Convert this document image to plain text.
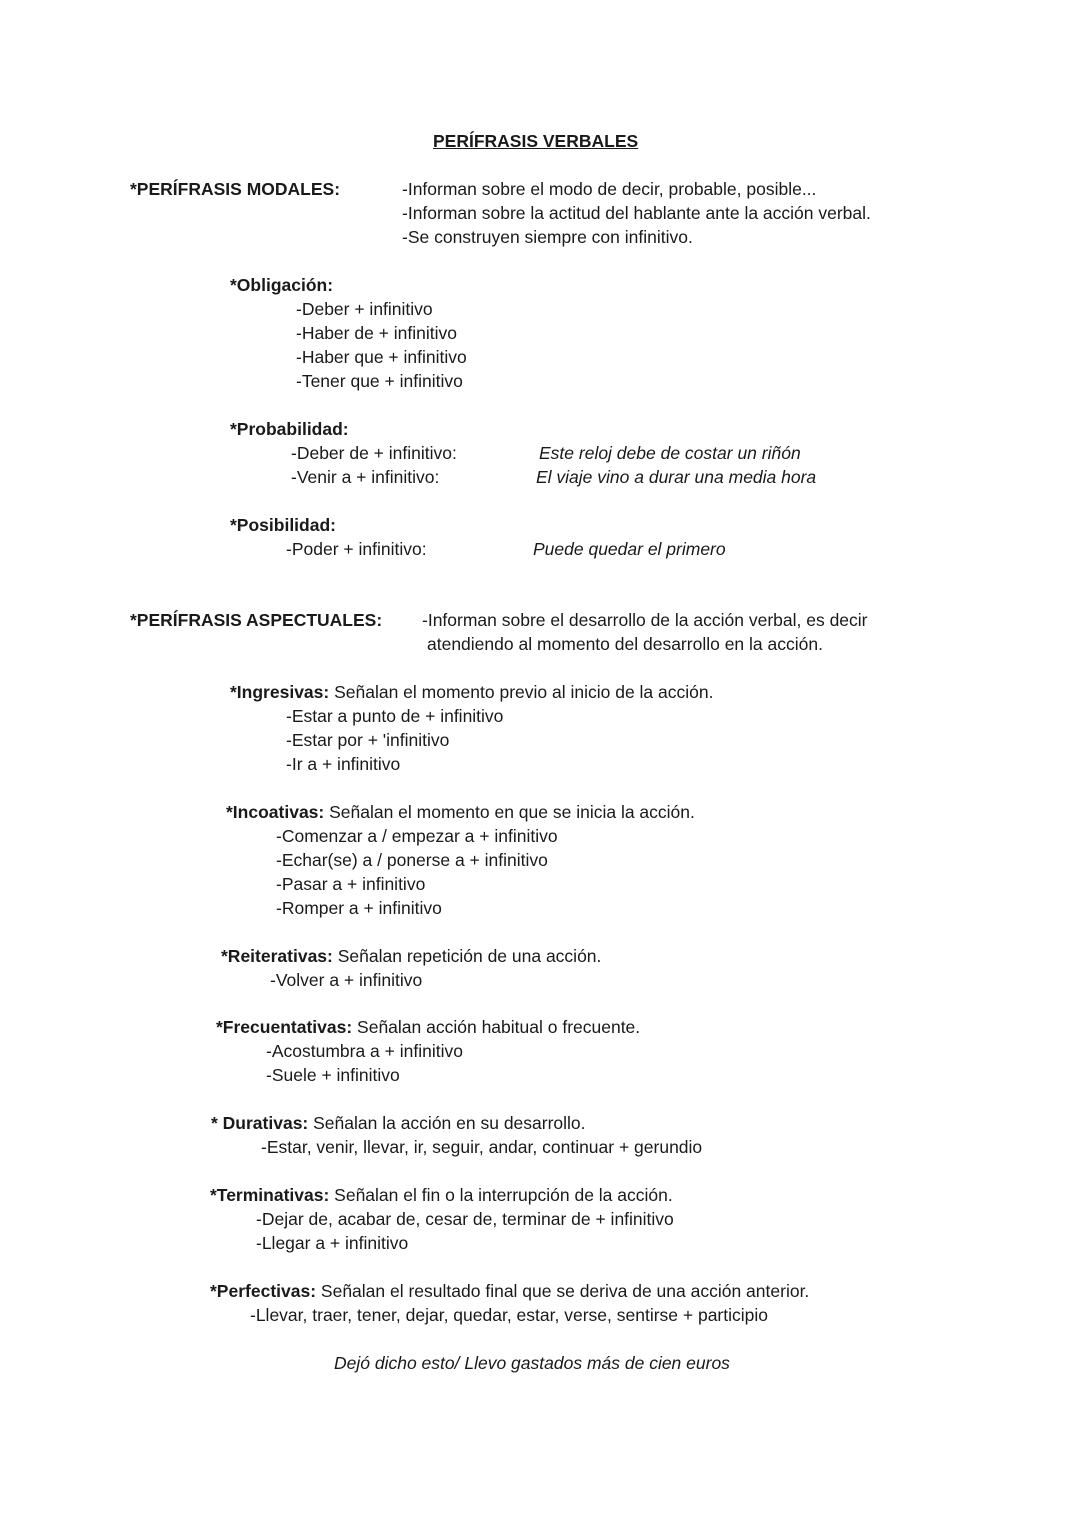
PERÍFRASIS VERBALES
*PERÍFRASIS MODALES:	-Informan sobre el modo de decir, probable, posible...
-Informan sobre la actitud del hablante ante la acción verbal.
-Se construyen siempre con infinitivo.
*Obligación:
-Deber + infinitivo
-Haber de + infinitivo
-Haber que + infinitivo
-Tener que + infinitivo
*Probabilidad:
-Deber de + infinitivo:	Este reloj debe de costar un riñón
-Venir a + infinitivo:	El viaje vino a durar una media hora
*Posibilidad:
-Poder + infinitivo:	Puede quedar el primero
*PERÍFRASIS ASPECTUALES: -Informan sobre el desarrollo de la acción verbal, es decir
atendiendo al momento del desarrollo en la acción.
*Ingresivas: Señalan el momento previo al inicio de la acción.
-Estar a punto de + infinitivo
-Estar por + 'infinitivo
-Ir a + infinitivo
*Incoativas: Señalan el momento en que se inicia la acción.
-Comenzar a / empezar a + infinitivo
-Echar(se) a / ponerse a + infinitivo
-Pasar a + infinitivo
-Romper a + infinitivo
*Reiterativas: Señalan repetición de una acción.
-Volver a + infinitivo
*Frecuentativas: Señalan acción habitual o frecuente.
-Acostumbra a + infinitivo
-Suele + infinitivo
* Durativas: Señalan la acción en su desarrollo.
-Estar, venir, llevar, ir, seguir, andar, continuar + gerundio
*Terminativas: Señalan el fin o la interrupción de la acción.
-Dejar de, acabar de, cesar de, terminar de + infinitivo
-Llegar a + infinitivo
*Perfectivas: Señalan el resultado final que se deriva de una acción anterior.
-Llevar, traer, tener, dejar, quedar, estar, verse, sentirse + participio
Dejó dicho esto/ Llevo gastados más de cien euros
